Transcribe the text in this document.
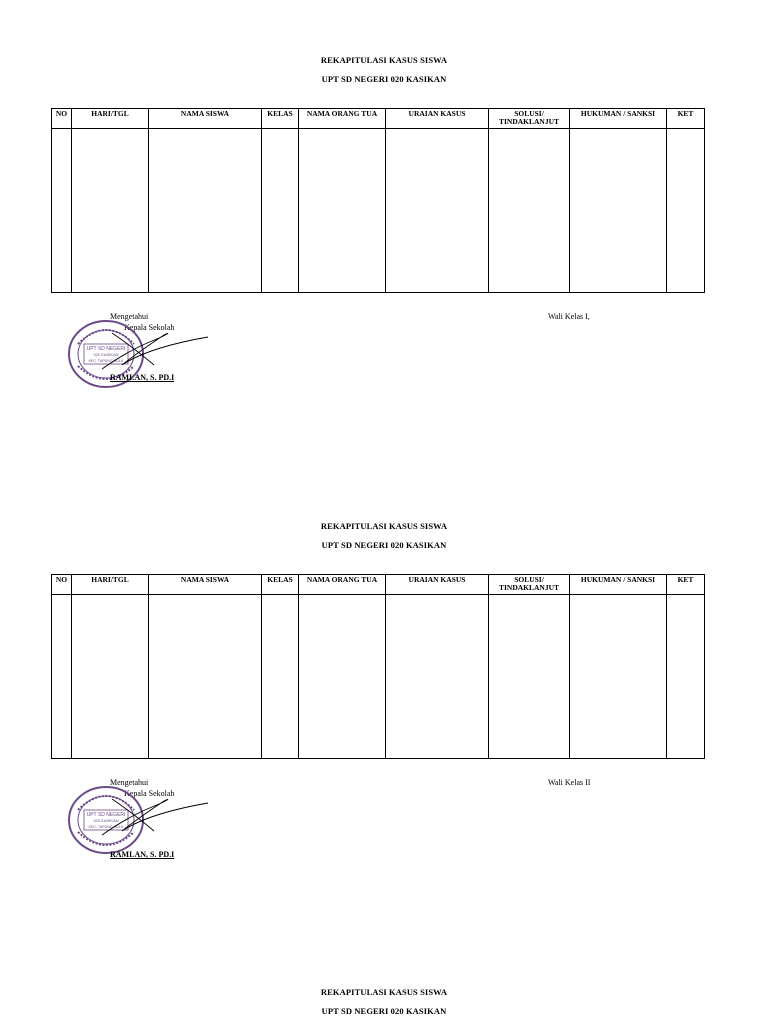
REKAPITULASI KASUS SISWA
UPT SD NEGERI 020 KASIKAN
NO	HARI/TGL	NAMA SISWA	KELAS	NAMA ORANG TUA	URAIAN KASUS	SOLUSI/ TINDAKLANJUT	HUKUMAN / SANKSI	KET

Mengetahui
Kepala Sekolah
Wali Kelas I,
UPT SD NEGERI
020 KASIKAN
KEC. TAPUNG HULU
RAMLAN, S. PD.I
REKAPITULASI KASUS SISWA
UPT SD NEGERI 020 KASIKAN
NO	HARI/TGL	NAMA SISWA	KELAS	NAMA ORANG TUA	URAIAN KASUS	SOLUSI/ TINDAKLANJUT	HUKUMAN / SANKSI	KET

Mengetahui
Kepala Sekolah
Wali Kelas II
UPT SD NEGERI
020 KASIKAN
KEC. TAPUNG HULU
RAMLAN, S. PD.I
REKAPITULASI KASUS SISWA
UPT SD NEGERI 020 KASIKAN
